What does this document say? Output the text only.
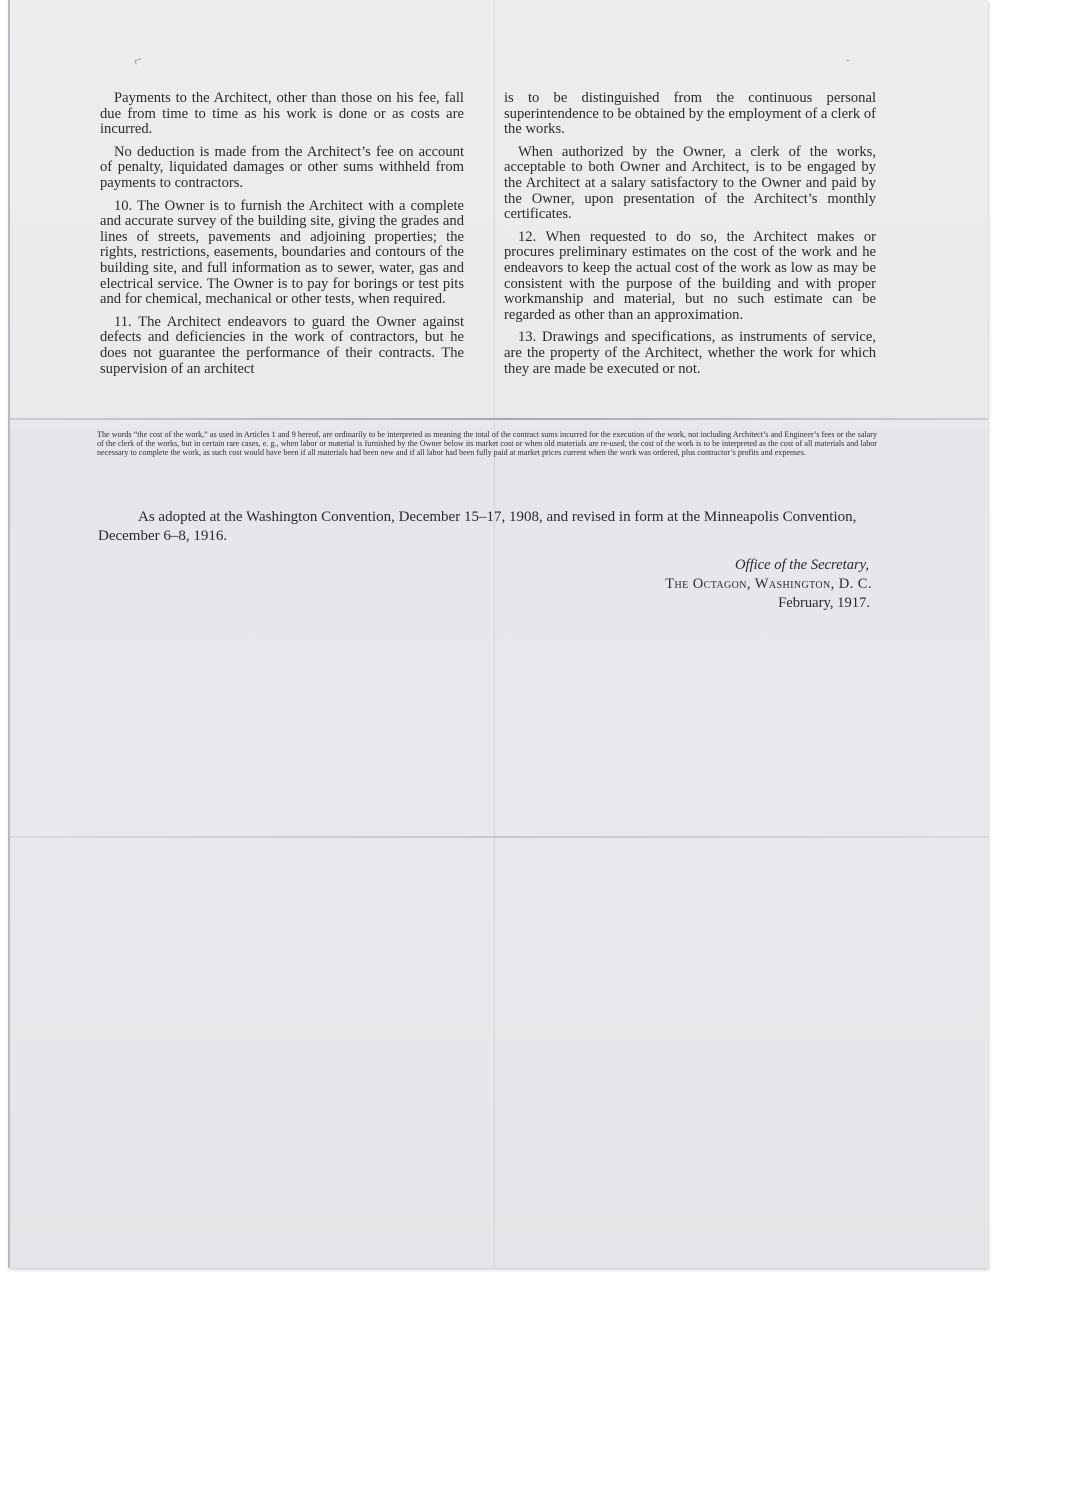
⌐	-

Payments to the Architect, other than those on his fee, fall due from time to time as his work is done or as costs are incurred.

No deduction is made from the Architect’s fee on account of penalty, liquidated damages or other sums withheld from payments to contractors.

10. The Owner is to furnish the Architect with a complete and accurate survey of the building site, giving the grades and lines of streets, pavements and adjoining properties; the rights, restrictions, easements, boundaries and contours of the building site, and full information as to sewer, water, gas and electrical service. The Owner is to pay for borings or test pits and for chemical, mechanical or other tests, when required.

11. The Architect endeavors to guard the Owner against defects and deficiencies in the work of contractors, but he does not guarantee the performance of their contracts. The supervision of an architect

is to be distinguished from the continuous personal superintendence to be obtained by the employment of a clerk of the works.

When authorized by the Owner, a clerk of the works, acceptable to both Owner and Architect, is to be engaged by the Architect at a salary satisfactory to the Owner and paid by the Owner, upon presentation of the Architect’s monthly certificates.

12. When requested to do so, the Architect makes or procures preliminary estimates on the cost of the work and he endeavors to keep the actual cost of the work as low as may be consistent with the purpose of the building and with proper workmanship and material, but no such estimate can be regarded as other than an approximation.

13. Drawings and specifications, as instruments of service, are the property of the Architect, whether the work for which they are made be executed or not.

The words “the cost of the work,” as used in Articles 1 and 9 hereof, are ordinarily to be interpreted as meaning the total of the contract sums incurred for the execution of the work, not including Architect’s and Engineer’s fees or the salary of the clerk of the works, but in certain rare cases, e. g., when labor or material is furnished by the Owner below its market cost or when old materials are re-used, the cost of the work is to be interpreted as the cost of all materials and labor necessary to complete the work, as such cost would have been if all materials had been new and if all labor had been fully paid at market prices current when the work was ordered, plus contractor’s profits and expenses.

As adopted at the Washington Convention, December 15–17, 1908, and revised in form at the Minneapolis Convention, December 6–8, 1916.

Office of the Secretary,
The Octagon, Washington, D. C.
February, 1917.
